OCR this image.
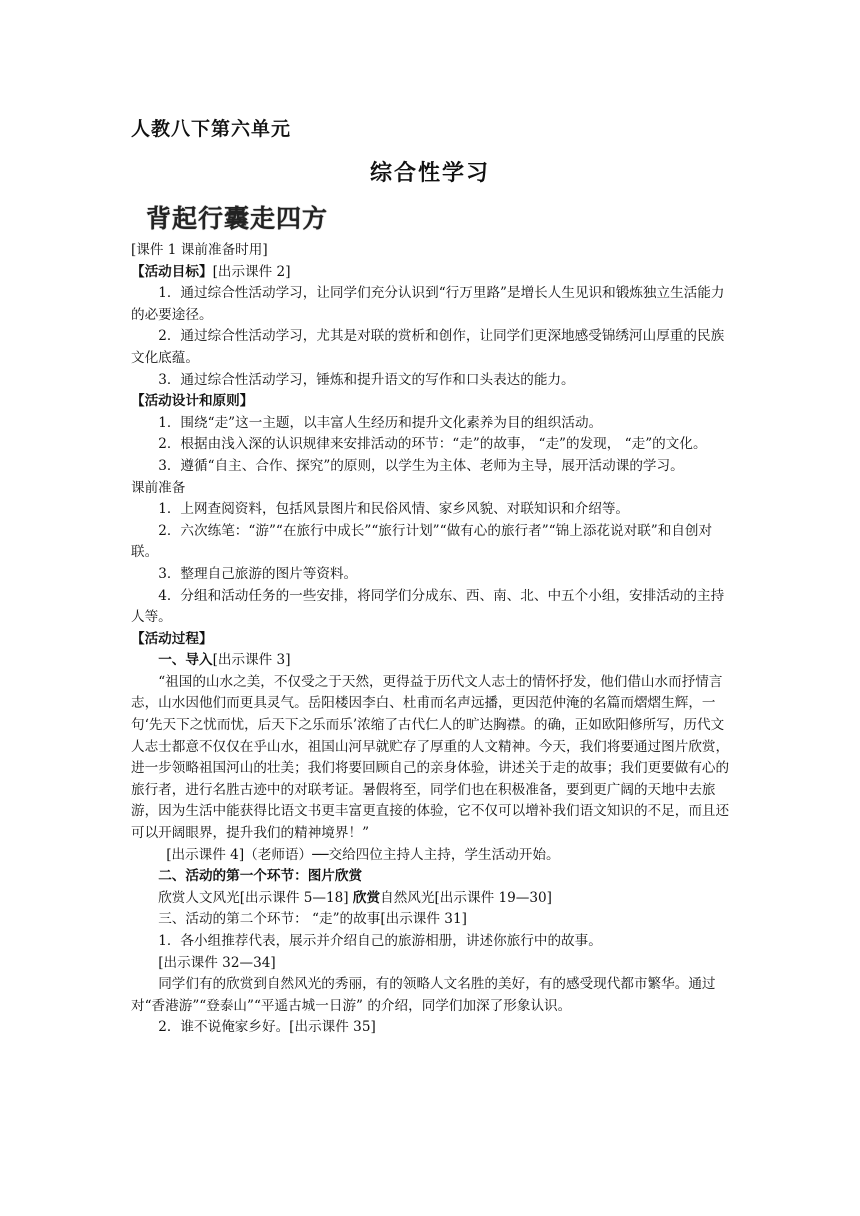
人教八下第六单元
综合性学习
背起行囊走四方

[课件 1 课前准备时用]

【活动目标】[出示课件 2]

1．通过综合性活动学习，让同学们充分认识到“行万里路”是增长人生见识和锻炼独立生活能力的必要途径。

2．通过综合性活动学习，尤其是对联的赏析和创作，让同学们更深地感受锦绣河山厚重的民族文化底蕴。

3．通过综合性活动学习，锤炼和提升语文的写作和口头表达的能力。

【活动设计和原则】

1．围绕“走”这一主题，以丰富人生经历和提升文化素养为目的组织活动。

2．根据由浅入深的认识规律来安排活动的环节：“走”的故事， “走”的发现， “走”的文化。

3．遵循“自主、合作、探究”的原则，以学生为主体、老师为主导，展开活动课的学习。

课前准备

1．上网查阅资料，包括风景图片和民俗风情、家乡风貌、对联知识和介绍等。

2．六次练笔：“游”“在旅行中成长”“旅行计划”“做有心的旅行者”“锦上添花说对联”和自创对联。

3．整理自己旅游的图片等资料。

4．分组和活动任务的一些安排，将同学们分成东、西、南、北、中五个小组，安排活动的主持人等。

【活动过程】

一、导入[出示课件 3]

“祖国的山水之美，不仅受之于天然，更得益于历代文人志士的情怀抒发，他们借山水而抒情言志，山水因他们而更具灵气。岳阳楼因李白、杜甫而名声远播，更因范仲淹的名篇而熠熠生辉，一句‘先天下之忧而忧，后天下之乐而乐’浓缩了古代仁人的旷达胸襟。的确，正如欧阳修所写，历代文人志士都意不仅仅在乎山水，祖国山河早就贮存了厚重的人文精神。今天，我们将要通过图片欣赏，进一步领略祖国河山的壮美；我们将要回顾自己的亲身体验，讲述关于走的故事；我们更要做有心的旅行者，进行名胜古迹中的对联考证。暑假将至，同学们也在积极准备，要到更广阔的天地中去旅游，因为生活中能获得比语文书更丰富更直接的体验，它不仅可以增补我们语文知识的不足，而且还可以开阔眼界，提升我们的精神境界！”

[出示课件 4]（老师语）──交给四位主持人主持，学生活动开始。

二、活动的第一个环节：图片欣赏

欣赏人文风光[出示课件 5—18] 欣赏自然风光[出示课件 19—30]

三、活动的第二个环节： “走”的故事[出示课件 31]

1．各小组推荐代表，展示并介绍自己的旅游相册，讲述你旅行中的故事。

[出示课件 32—34]

同学们有的欣赏到自然风光的秀丽，有的领略人文名胜的美好，有的感受现代都市繁华。通过 对“香港游”“登泰山”“平遥古城一日游” 的介绍，同学们加深了形象认识。

2．谁不说俺家乡好。[出示课件 35]
